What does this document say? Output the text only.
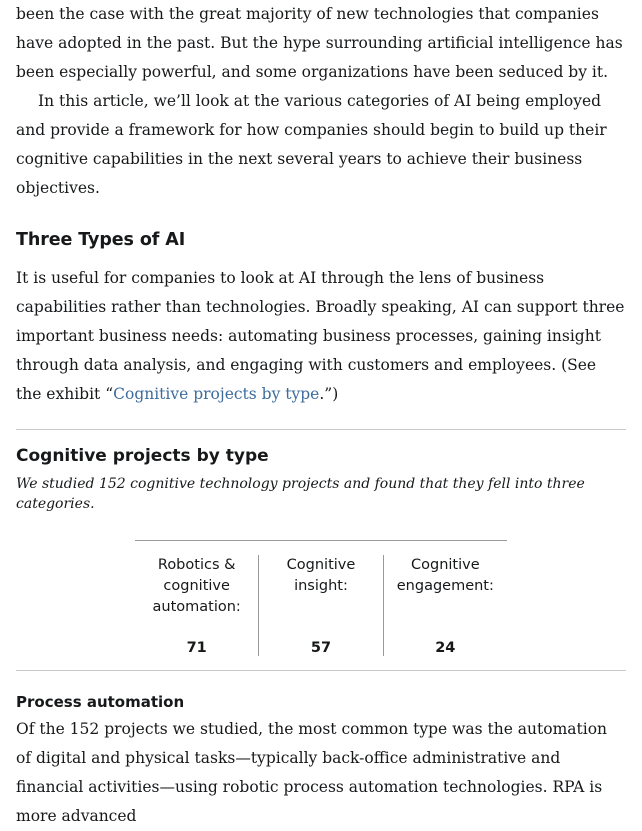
been the case with the great majority of new technologies that companies have adopted in the past. But the hype surrounding artificial intelligence has been especially powerful, and some organizations have been seduced by it.

In this article, we’ll look at the various categories of AI being employed and provide a framework for how companies should begin to build up their cognitive capabilities in the next several years to achieve their business objectives.

Three Types of AI

It is useful for companies to look at AI through the lens of business capabilities rather than technologies. Broadly speaking, AI can support three important business needs: automating business processes, gaining insight through data analysis, and engaging with customers and employees. (See the exhibit “Cognitive projects by type.”)

Cognitive projects by type
We studied 152 cognitive technology projects and found that they fell into three categories.
Robotics & cognitive automation:
71
Cognitive insight:
57
Cognitive engagement:
24
Process automation

Of the 152 projects we studied, the most common type was the automation of digital and physical tasks—typically back-office administrative and financial activities—using robotic process automation technologies. RPA is more advanced
